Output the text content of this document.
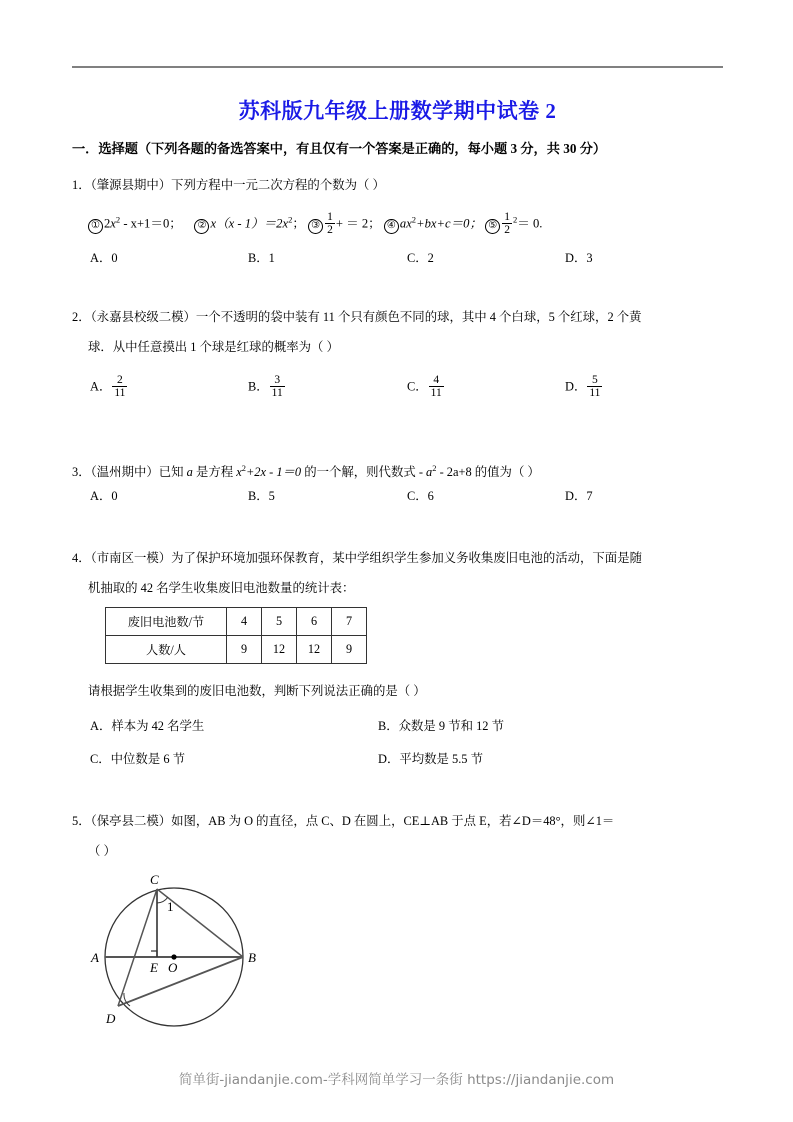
苏科版九年级上册数学期中试卷 2
一．选择题（下列各题的备选答案中，有且仅有一个答案是正确的，每小题 3 分，共 30 分）
1．（肇源县期中）下列方程中一元二次方程的个数为（ ）
① $2x^2 - x+1=0$； ② $x(x - 1)=2x^2$； ③ $\frac{1}{2}$ + ＝ 2； ④ $ax^2+bx+c=0$； ⑤ $\frac{1}{2} ^2= 0$.
A．0	B．1	C．2	D．3
2．（永嘉县校级二模）一个不透明的袋中装有 11 个只有颜色不同的球，其中 4 个白球，5 个红球，2 个黄
球．从中任意摸出 1 个球是红球的概率为（ ）
A． $\frac{2}{11}$	B． $\frac{3}{11}$	C． $\frac{4}{11}$	D． $\frac{5}{11}$
3．（温州期中）已知 a 是方程 $x^2+2x - 1=0$ 的一个解，则代数式 - $a^2 - 2a+8$ 的值为（ ）
A．0	B．5	C．6	D．7
4．（市南区一模）为了保护环境加强环保教育，某中学组织学生参加义务收集废旧电池的活动，下面是随
机抽取的 42 名学生收集废旧电池数量的统计表：
废旧电池数/节	4	5	6	7
人数/人	9	12	12	9
请根据学生收集到的废旧电池数，判断下列说法正确的是（ ）
A．样本为 42 名学生	B．众数是 9 节和 12 节
C．中位数是 6 节	D．平均数是 5.5 节
5．（保亭县二模）如图，AB 为 O 的直径，点 C、D 在圆上，CE⊥AB 于点 E，若∠D＝48°，则∠1＝
（ ）
C
1
A	B
E O
D
简单街-jiandanjie.com-学科网简单学习一条街 https://jiandanjie.com
